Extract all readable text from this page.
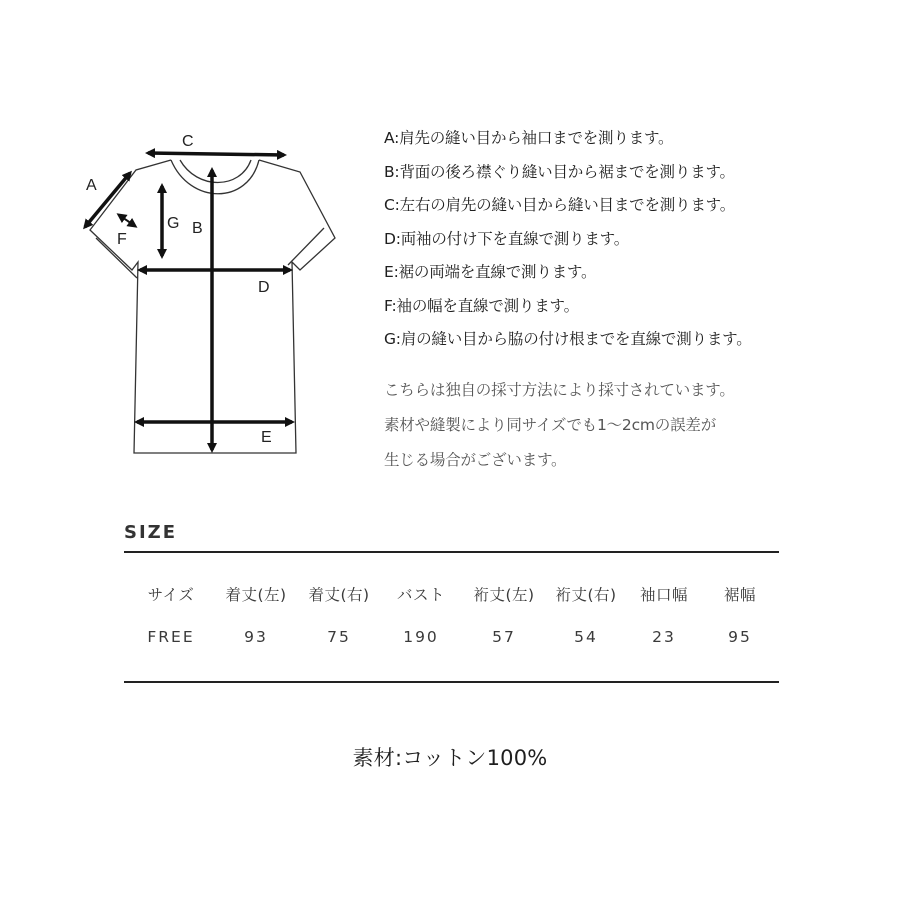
A
C
F
G B
D
E
A:肩先の縫い目から袖口までを測ります。
B:背面の後ろ襟ぐり縫い目から裾までを測ります。
C:左右の肩先の縫い目から縫い目までを測ります。
D:両袖の付け下を直線で測ります。
E:裾の両端を直線で測ります。
F:袖の幅を直線で測ります。
G:肩の縫い目から脇の付け根までを直線で測ります。
こちらは独自の採寸方法により採寸されています。
素材や縫製により同サイズでも1〜2cmの誤差が
生じる場合がございます。
SIZE
サイズ 着丈(左) 着丈(右) バスト 裄丈(左) 裄丈(右) 袖口幅 裾幅
FREE	93	75	190	57	54	23	95
素材:コットン100%
